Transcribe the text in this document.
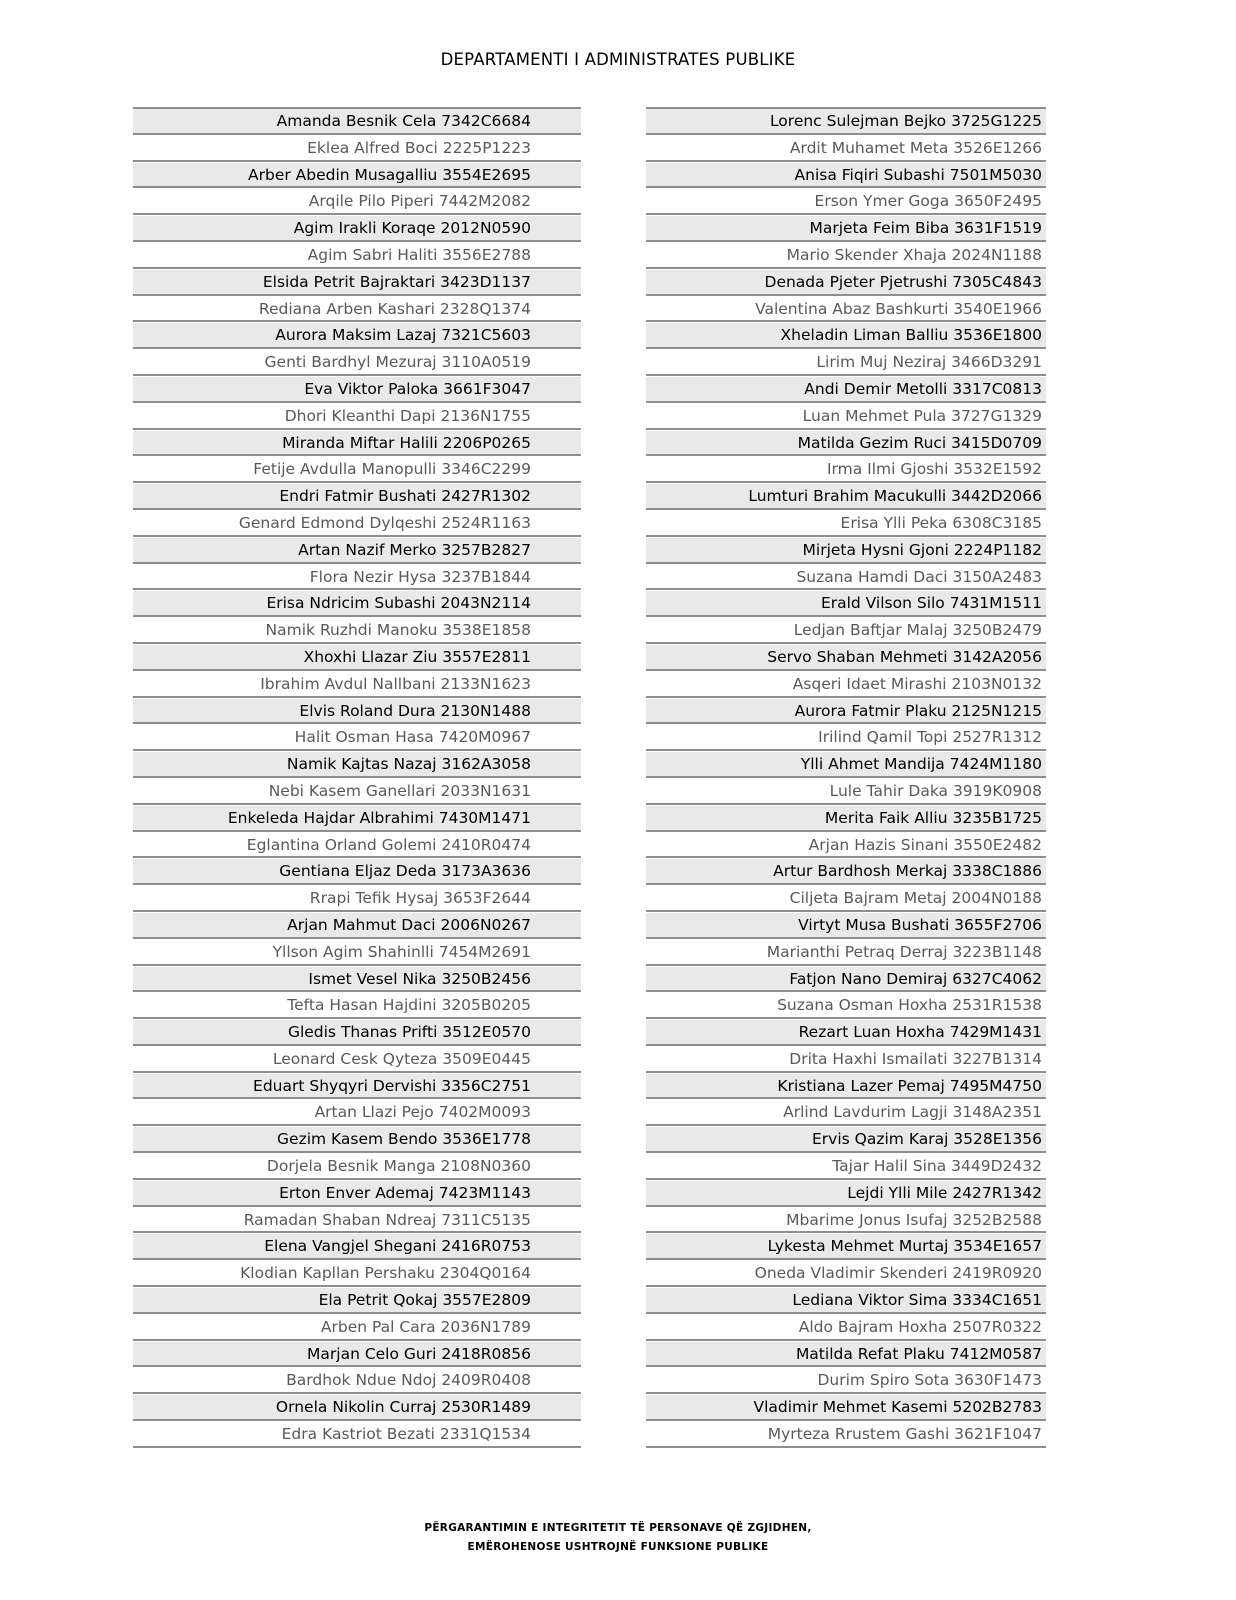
DEPARTAMENTI I ADMINISTRATES PUBLIKE
Amanda Besnik Cela 7342C6684
Eklea Alfred Boci 2225P1223
Arber Abedin Musagalliu 3554E2695
Arqile Pilo Piperi 7442M2082
Agim Irakli Koraqe 2012N0590
Agim Sabri Haliti 3556E2788
Elsida Petrit Bajraktari 3423D1137
Rediana Arben Kashari 2328Q1374
Aurora Maksim Lazaj 7321C5603
Genti Bardhyl Mezuraj 3110A0519
Eva Viktor Paloka 3661F3047
Dhori Kleanthi Dapi 2136N1755
Miranda Miftar Halili 2206P0265
Fetije Avdulla Manopulli 3346C2299
Endri Fatmir Bushati 2427R1302
Genard Edmond Dylqeshi 2524R1163
Artan Nazif Merko 3257B2827
Flora Nezir Hysa 3237B1844
Erisa Ndricim Subashi 2043N2114
Namik Ruzhdi Manoku 3538E1858
Xhoxhi Llazar Ziu 3557E2811
Ibrahim Avdul Nallbani 2133N1623
Elvis Roland Dura 2130N1488
Halit Osman Hasa 7420M0967
Namik Kajtas Nazaj 3162A3058
Nebi Kasem Ganellari 2033N1631
Enkeleda Hajdar Albrahimi 7430M1471
Eglantina Orland Golemi 2410R0474
Gentiana Eljaz Deda 3173A3636
Rrapi Tefik Hysaj 3653F2644
Arjan Mahmut Daci 2006N0267
Yllson Agim Shahinlli 7454M2691
Ismet Vesel Nika 3250B2456
Tefta Hasan Hajdini 3205B0205
Gledis Thanas Prifti 3512E0570
Leonard Cesk Qyteza 3509E0445
Eduart Shyqyri Dervishi 3356C2751
Artan Llazi Pejo 7402M0093
Gezim Kasem Bendo 3536E1778
Dorjela Besnik Manga 2108N0360
Erton Enver Ademaj 7423M1143
Ramadan Shaban Ndreaj 7311C5135
Elena Vangjel Shegani 2416R0753
Klodian Kapllan Pershaku 2304Q0164
Ela Petrit Qokaj 3557E2809
Arben Pal Cara 2036N1789
Marjan Celo Guri 2418R0856
Bardhok Ndue Ndoj 2409R0408
Ornela Nikolin Curraj 2530R1489
Edra Kastriot Bezati 2331Q1534
Lorenc Sulejman Bejko 3725G1225
Ardit Muhamet Meta 3526E1266
Anisa Fiqiri Subashi 7501M5030
Erson Ymer Goga 3650F2495
Marjeta Feim Biba 3631F1519
Mario Skender Xhaja 2024N1188
Denada Pjeter Pjetrushi 7305C4843
Valentina Abaz Bashkurti 3540E1966
Xheladin Liman Balliu 3536E1800
Lirim Muj Neziraj 3466D3291
Andi Demir Metolli 3317C0813
Luan Mehmet Pula 3727G1329
Matilda Gezim Ruci 3415D0709
Irma Ilmi Gjoshi 3532E1592
Lumturi Brahim Macukulli 3442D2066
Erisa Ylli Peka 6308C3185
Mirjeta Hysni Gjoni 2224P1182
Suzana Hamdi Daci 3150A2483
Erald Vilson Silo 7431M1511
Ledjan Baftjar Malaj 3250B2479
Servo Shaban Mehmeti 3142A2056
Asqeri Idaet Mirashi 2103N0132
Aurora Fatmir Plaku 2125N1215
Irilind Qamil Topi 2527R1312
Ylli Ahmet Mandija 7424M1180
Lule Tahir Daka 3919K0908
Merita Faik Alliu 3235B1725
Arjan Hazis Sinani 3550E2482
Artur Bardhosh Merkaj 3338C1886
Ciljeta Bajram Metaj 2004N0188
Virtyt Musa Bushati 3655F2706
Marianthi Petraq Derraj 3223B1148
Fatjon Nano Demiraj 6327C4062
Suzana Osman Hoxha 2531R1538
Rezart Luan Hoxha 7429M1431
Drita Haxhi Ismailati 3227B1314
Kristiana Lazer Pemaj 7495M4750
Arlind Lavdurim Lagji 3148A2351
Ervis Qazim Karaj 3528E1356
Tajar Halil Sina 3449D2432
Lejdi Ylli Mile 2427R1342
Mbarime Jonus Isufaj 3252B2588
Lykesta Mehmet Murtaj 3534E1657
Oneda Vladimir Skenderi 2419R0920
Lediana Viktor Sima 3334C1651
Aldo Bajram Hoxha 2507R0322
Matilda Refat Plaku 7412M0587
Durim Spiro Sota 3630F1473
Vladimir Mehmet Kasemi 5202B2783
Myrteza Rrustem Gashi 3621F1047
PËRGARANTIMIN E INTEGRITETIT TË PERSONAVE QË ZGJIDHEN,
EMËROHENOSE USHTROJNË FUNKSIONE PUBLIKE
